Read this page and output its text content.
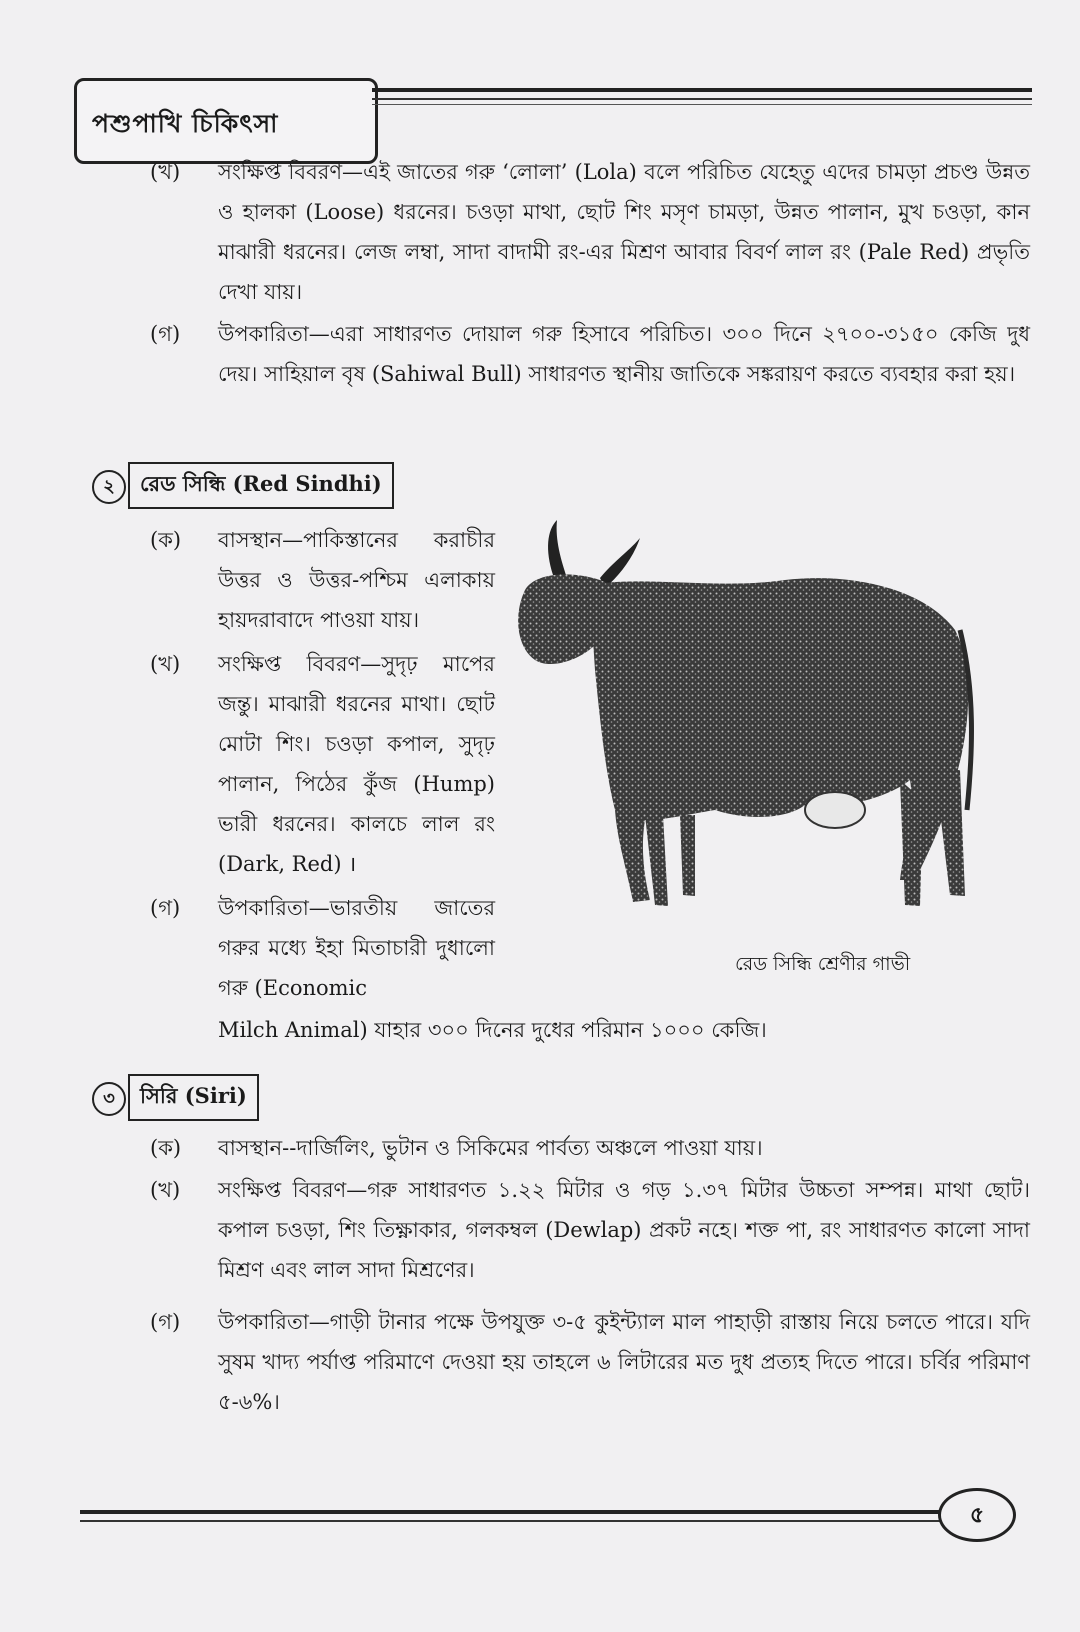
পশুপাখি চিকিৎসা
(খ)	সংক্ষিপ্ত বিবরণ—এই জাতের গরু ‘লোলা’ (Lola) বলে পরিচিত যেহেতু এদের চামড়া প্রচণ্ড উন্নত ও হালকা (Loose) ধরনের। চওড়া মাথা, ছোট শিং মসৃণ চামড়া, উন্নত পালান, মুখ চওড়া, কান মাঝারী ধরনের। লেজ লম্বা, সাদা বাদামী রং-এর মিশ্রণ আবার বিবর্ণ লাল রং (Pale Red) প্রভৃতি দেখা যায়।
(গ)	উপকারিতা—এরা সাধারণত দোয়াল গরু হিসাবে পরিচিত। ৩০০ দিনে ২৭০০-৩১৫০ কেজি দুধ দেয়। সাহিয়াল বৃষ (Sahiwal Bull) সাধারণত স্থানীয় জাতিকে সঙ্করায়ণ করতে ব্যবহার করা হয়।
২	রেড সিন্ধি (Red Sindhi)
(ক)	বাসস্থান—পাকিস্তানের করাচীর উত্তর ও উত্তর-পশ্চিম এলাকায় হায়দরাবাদে পাওয়া যায়।
(খ)	সংক্ষিপ্ত বিবরণ—সুদৃঢ় মাপের জন্তু। মাঝারী ধরনের মাথা। ছোট মোটা শিং। চওড়া কপাল, সুদৃঢ় পালান, পিঠের কুঁজ (Hump) ভারী ধরনের। কালচে লাল রং (Dark, Red) ।
(গ)	উপকারিতা—ভারতীয় জাতের গরুর মধ্যে ইহা মিতাচারী দুধালো গরু (Economic
Milch Animal) যাহার ৩০০ দিনের দুধের পরিমান ১০০০ কেজি।
রেড সিন্ধি শ্রেণীর গাভী
৩	সিরি (Siri)
(ক)	বাসস্থান--দার্জিলিং, ভুটান ও সিকিমের পার্বত্য অঞ্চলে পাওয়া যায়।
(খ)	সংক্ষিপ্ত বিবরণ—গরু সাধারণত ১.২২ মিটার ও গড় ১.৩৭ মিটার উচ্চতা সম্পন্ন। মাথা ছোট। কপাল চওড়া, শিং তিক্ষ্ণাকার, গলকম্বল (Dewlap) প্রকট নহে। শক্ত পা, রং সাধারণত কালো সাদা মিশ্রণ এবং লাল সাদা মিশ্রণের।
(গ)	উপকারিতা—গাড়ী টানার পক্ষে উপযুক্ত ৩-৫ কুইন্ট্যাল মাল পাহাড়ী রাস্তায় নিয়ে চলতে পারে। যদি সুষম খাদ্য পর্যাপ্ত পরিমাণে দেওয়া হয় তাহলে ৬ লিটারের মত দুধ প্রত্যহ দিতে পারে। চর্বির পরিমাণ ৫-৬%।
৫
